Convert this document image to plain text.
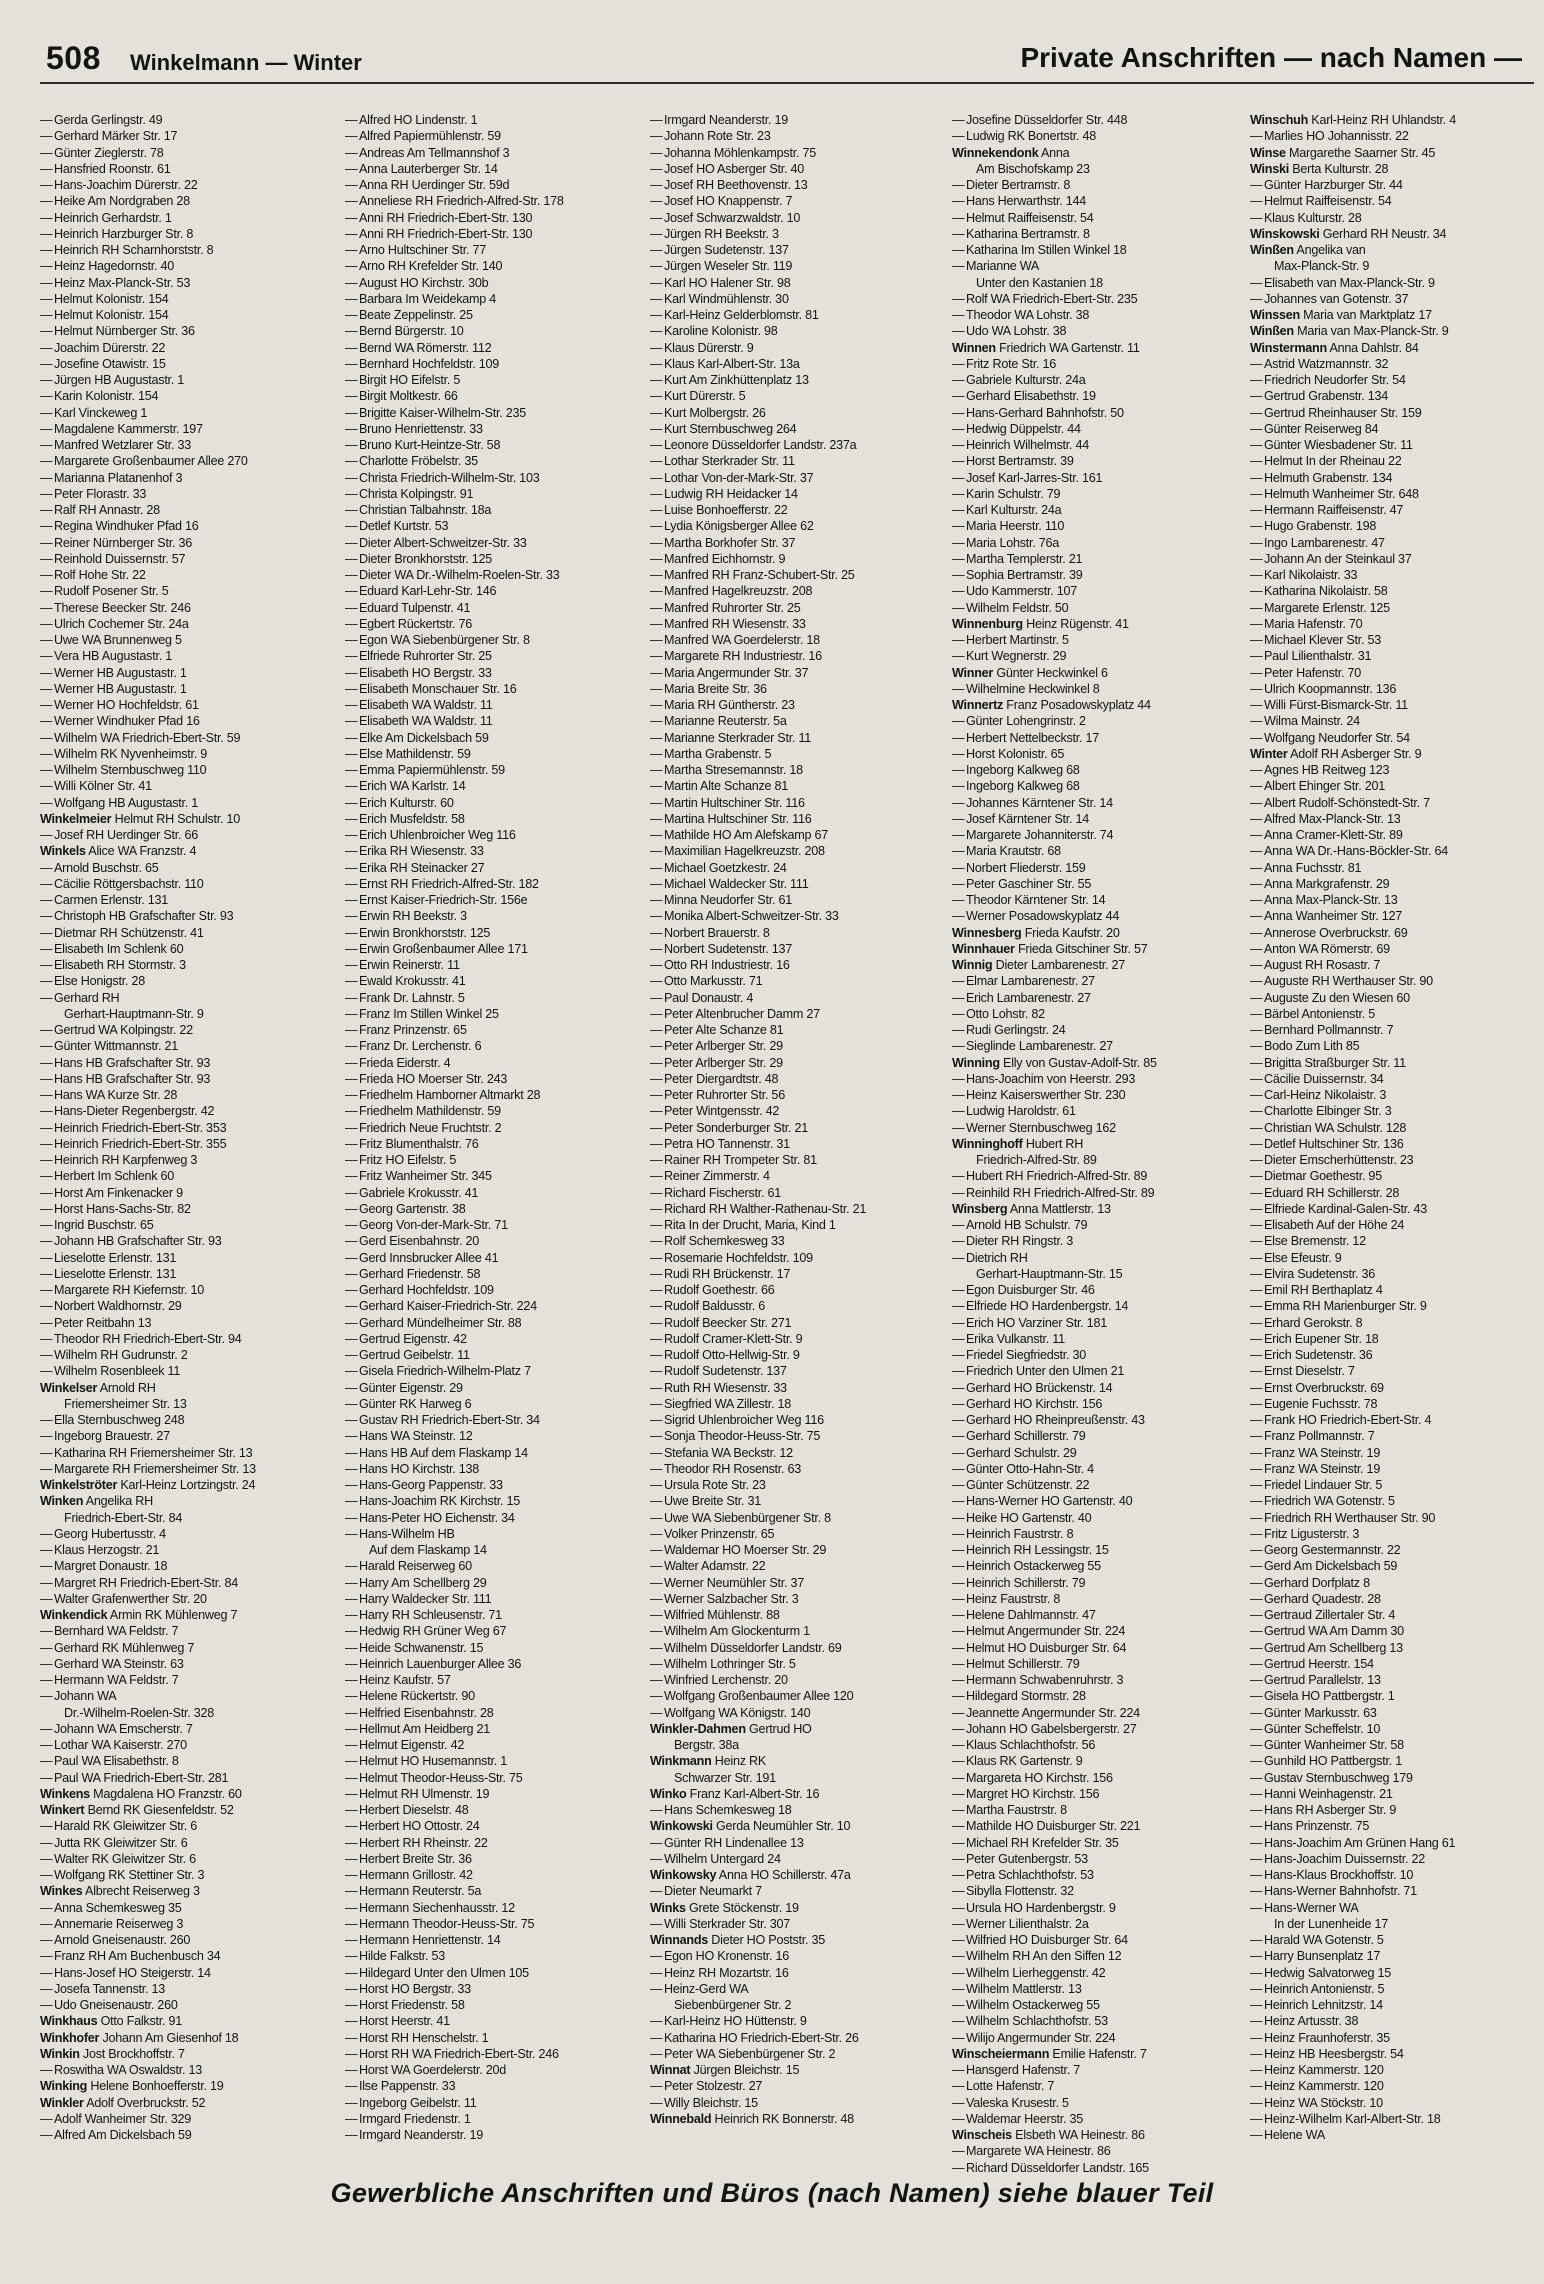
508 Winkelmann — Winter	Private Anschriften — nach Namen —
— Gerda Gerlingstr. 49
— Gerhard Märker Str. 17
— Günter Zieglerstr. 78
— Hansfried Roonstr. 61
— Hans-Joachim Dürerstr. 22
— Heike Am Nordgraben 28
— Heinrich Gerhardstr. 1
— Heinrich Harzburger Str. 8
— Heinrich RH Scharnhorststr. 8
— Heinz Hagedornstr. 40
— Heinz Max-Planck-Str. 53
— Helmut Kolonistr. 154
— Helmut Kolonistr. 154
— Helmut Nürnberger Str. 36
— Joachim Dürerstr. 22
— Josefine Otawistr. 15
— Jürgen HB Augustastr. 1
— Karin Kolonistr. 154
— Karl Vinckeweg 1
— Magdalene Kammerstr. 197
— Manfred Wetzlarer Str. 33
— Margarete Großenbaumer Allee 270
— Marianna Platanenhof 3
— Peter Florastr. 33
— Ralf RH Annastr. 28
— Regina Windhuker Pfad 16
— Reiner Nürnberger Str. 36
— Reinhold Duissernstr. 57
— Rolf Hohe Str. 22
— Rudolf Posener Str. 5
— Therese Beecker Str. 246
— Ulrich Cochemer Str. 24a
— Uwe WA Brunnenweg 5
— Vera HB Augustastr. 1
— Werner HB Augustastr. 1
— Werner HB Augustastr. 1
— Werner HO Hochfeldstr. 61
— Werner Windhuker Pfad 16
— Wilhelm WA Friedrich-Ebert-Str. 59
— Wilhelm RK Nyvenheimstr. 9
— Wilhelm Sternbuschweg 110
— Willi Kölner Str. 41
— Wolfgang HB Augustastr. 1
Winkelmeier Helmut RH Schulstr. 10
— Josef RH Uerdinger Str. 66
Winkels Alice WA Franzstr. 4
— Arnold Buschstr. 65
— Cäcilie Röttgersbachstr. 110
— Carmen Erlenstr. 131
— Christoph HB Grafschafter Str. 93
— Dietmar RH Schützenstr. 41
— Elisabeth Im Schlenk 60
— Elisabeth RH Stormstr. 3
— Else Honigstr. 28
— Gerhard RH
Gerhart-Hauptmann-Str. 9
— Gertrud WA Kolpingstr. 22
— Günter Wittmannstr. 21
— Hans HB Grafschafter Str. 93
— Hans HB Grafschafter Str. 93
— Hans WA Kurze Str. 28
— Hans-Dieter Regenbergstr. 42
— Heinrich Friedrich-Ebert-Str. 353
— Heinrich Friedrich-Ebert-Str. 355
— Heinrich RH Karpfenweg 3
— Herbert Im Schlenk 60
— Horst Am Finkenacker 9
— Horst Hans-Sachs-Str. 82
— Ingrid Buschstr. 65
— Johann HB Grafschafter Str. 93
— Lieselotte Erlenstr. 131
— Lieselotte Erlenstr. 131
— Margarete RH Kiefernstr. 10
— Norbert Waldhornstr. 29
— Peter Reitbahn 13
— Theodor RH Friedrich-Ebert-Str. 94
— Wilhelm RH Gudrunstr. 2
— Wilhelm Rosenbleek 11
Winkelser Arnold RH
Friemersheimer Str. 13
— Ella Sternbuschweg 248
— Ingeborg Brauestr. 27
— Katharina RH Friemersheimer Str. 13
— Margarete RH Friemersheimer Str. 13
Winkelströter Karl-Heinz Lortzingstr. 24
Winken Angelika RH
Friedrich-Ebert-Str. 84
— Georg Hubertusstr. 4
— Klaus Herzogstr. 21
— Margret Donaustr. 18
— Margret RH Friedrich-Ebert-Str. 84
— Walter Grafenwerther Str. 20
Winkendick Armin RK Mühlenweg 7
— Bernhard WA Feldstr. 7
— Gerhard RK Mühlenweg 7
— Gerhard WA Steinstr. 63
— Hermann WA Feldstr. 7
— Johann WA
Dr.-Wilhelm-Roelen-Str. 328
— Johann WA Emscherstr. 7
— Lothar WA Kaiserstr. 270
— Paul WA Elisabethstr. 8
— Paul WA Friedrich-Ebert-Str. 281
Winkens Magdalena HO Franzstr. 60
Winkert Bernd RK Giesenfeldstr. 52
— Harald RK Gleiwitzer Str. 6
— Jutta RK Gleiwitzer Str. 6
— Walter RK Gleiwitzer Str. 6
— Wolfgang RK Stettiner Str. 3
Winkes Albrecht Reiserweg 3
— Anna Schemkesweg 35
— Annemarie Reiserweg 3
— Arnold Gneisenaustr. 260
— Franz RH Am Buchenbusch 34
— Hans-Josef HO Steigerstr. 14
— Josefa Tannenstr. 13
— Udo Gneisenaustr. 260
Winkhaus Otto Falkstr. 91
Winkhofer Johann Am Giesenhof 18
Winkin Jost Brockhoffstr. 7
— Roswitha WA Oswaldstr. 13
Winking Helene Bonhoefferstr. 19
Winkler Adolf Overbruckstr. 52
— Adolf Wanheimer Str. 329
— Alfred Am Dickelsbach 59
— Alfred HO Lindenstr. 1
— Alfred Papiermühlenstr. 59
— Andreas Am Tellmannshof 3
— Anna Lauterberger Str. 14
— Anna RH Uerdinger Str. 59d
— Anneliese RH Friedrich-Alfred-Str. 178
— Anni RH Friedrich-Ebert-Str. 130
— Anni RH Friedrich-Ebert-Str. 130
— Arno Hultschiner Str. 77
— Arno RH Krefelder Str. 140
— August HO Kirchstr. 30b
— Barbara Im Weidekamp 4
— Beate Zeppelinstr. 25
— Bernd Bürgerstr. 10
— Bernd WA Römerstr. 112
— Bernhard Hochfeldstr. 109
— Birgit HO Eifelstr. 5
— Birgit Moltkestr. 66
— Brigitte Kaiser-Wilhelm-Str. 235
— Bruno Henriettenstr. 33
— Bruno Kurt-Heintze-Str. 58
— Charlotte Fröbelstr. 35
— Christa Friedrich-Wilhelm-Str. 103
— Christa Kolpingstr. 91
— Christian Talbahnstr. 18a
— Detlef Kurtstr. 53
— Dieter Albert-Schweitzer-Str. 33
— Dieter Bronkhorststr. 125
— Dieter WA Dr.-Wilhelm-Roelen-Str. 33
— Eduard Karl-Lehr-Str. 146
— Eduard Tulpenstr. 41
— Egbert Rückertstr. 76
— Egon WA Siebenbürgener Str. 8
— Elfriede Ruhrorter Str. 25
— Elisabeth HO Bergstr. 33
— Elisabeth Monschauer Str. 16
— Elisabeth WA Waldstr. 11
— Elisabeth WA Waldstr. 11
— Elke Am Dickelsbach 59
— Else Mathildenstr. 59
— Emma Papiermühlenstr. 59
— Erich WA Karlstr. 14
— Erich Kulturstr. 60
— Erich Musfeldstr. 58
— Erich Uhlenbroicher Weg 116
— Erika RH Wiesenstr. 33
— Erika RH Steinacker 27
— Ernst RH Friedrich-Alfred-Str. 182
— Ernst Kaiser-Friedrich-Str. 156e
— Erwin RH Beekstr. 3
— Erwin Bronkhorststr. 125
— Erwin Großenbaumer Allee 171
— Erwin Reinerstr. 11
— Ewald Krokusstr. 41
— Frank Dr. Lahnstr. 5
— Franz Im Stillen Winkel 25
— Franz Prinzenstr. 65
— Franz Dr. Lerchenstr. 6
— Frieda Eiderstr. 4
— Frieda HO Moerser Str. 243
— Friedhelm Hamborner Altmarkt 28
— Friedhelm Mathildenstr. 59
— Friedrich Neue Fruchtstr. 2
— Fritz Blumenthalstr. 76
— Fritz HO Eifelstr. 5
— Fritz Wanheimer Str. 345
— Gabriele Krokusstr. 41
— Georg Gartenstr. 38
— Georg Von-der-Mark-Str. 71
— Gerd Eisenbahnstr. 20
— Gerd Innsbrucker Allee 41
— Gerhard Friedenstr. 58
— Gerhard Hochfeldstr. 109
— Gerhard Kaiser-Friedrich-Str. 224
— Gerhard Mündelheimer Str. 88
— Gertrud Eigenstr. 42
— Gertrud Geibelstr. 11
— Gisela Friedrich-Wilhelm-Platz 7
— Günter Eigenstr. 29
— Günter RK Harweg 6
— Gustav RH Friedrich-Ebert-Str. 34
— Hans WA Steinstr. 12
— Hans HB Auf dem Flaskamp 14
— Hans HO Kirchstr. 138
— Hans-Georg Pappenstr. 33
— Hans-Joachim RK Kirchstr. 15
— Hans-Peter HO Eichenstr. 34
— Hans-Wilhelm HB
Auf dem Flaskamp 14
— Harald Reiserweg 60
— Harry Am Schellberg 29
— Harry Waldecker Str. 111
— Harry RH Schleusenstr. 71
— Hedwig RH Grüner Weg 67
— Heide Schwanenstr. 15
— Heinrich Lauenburger Allee 36
— Heinz Kaufstr. 57
— Helene Rückertstr. 90
— Helfried Eisenbahnstr. 28
— Hellmut Am Heidberg 21
— Helmut Eigenstr. 42
— Helmut HO Husemannstr. 1
— Helmut Theodor-Heuss-Str. 75
— Helmut RH Ulmenstr. 19
— Herbert Dieselstr. 48
— Herbert HO Ottostr. 24
— Herbert RH Rheinstr. 22
— Herbert Breite Str. 36
— Hermann Grillostr. 42
— Hermann Reuterstr. 5a
— Hermann Siechenhausstr. 12
— Hermann Theodor-Heuss-Str. 75
— Hermann Henriettenstr. 14
— Hilde Falkstr. 53
— Hildegard Unter den Ulmen 105
— Horst HO Bergstr. 33
— Horst Friedenstr. 58
— Horst Heerstr. 41
— Horst RH Henschelstr. 1
— Horst RH WA Friedrich-Ebert-Str. 246
— Horst WA Goerdelerstr. 20d
— Ilse Pappenstr. 33
— Ingeborg Geibelstr. 11
— Irmgard Friedenstr. 1
— Irmgard Neanderstr. 19
— Irmgard Neanderstr. 19
— Johann Rote Str. 23
— Johanna Möhlenkampstr. 75
— Josef HO Asberger Str. 40
— Josef RH Beethovenstr. 13
— Josef HO Knappenstr. 7
— Josef Schwarzwaldstr. 10
— Jürgen RH Beekstr. 3
— Jürgen Sudetenstr. 137
— Jürgen Weseler Str. 119
— Karl HO Halener Str. 98
— Karl Windmühlenstr. 30
— Karl-Heinz Gelderblomstr. 81
— Karoline Kolonistr. 98
— Klaus Dürerstr. 9
— Klaus Karl-Albert-Str. 13a
— Kurt Am Zinkhüttenplatz 13
— Kurt Dürerstr. 5
— Kurt Molbergstr. 26
— Kurt Sternbuschweg 264
— Leonore Düsseldorfer Landstr. 237a
— Lothar Sterkrader Str. 11
— Lothar Von-der-Mark-Str. 37
— Ludwig RH Heidacker 14
— Luise Bonhoefferstr. 22
— Lydia Königsberger Allee 62
— Martha Borkhofer Str. 37
— Manfred Eichhornstr. 9
— Manfred RH Franz-Schubert-Str. 25
— Manfred Hagelkreuzstr. 208
— Manfred Ruhrorter Str. 25
— Manfred RH Wiesenstr. 33
— Manfred WA Goerdelerstr. 18
— Margarete RH Industriestr. 16
— Maria Angermunder Str. 37
— Maria Breite Str. 36
— Maria RH Güntherstr. 23
— Marianne Reuterstr. 5a
— Marianne Sterkrader Str. 11
— Martha Grabenstr. 5
— Martha Stresemannstr. 18
— Martin Alte Schanze 81
— Martin Hultschiner Str. 116
— Martina Hultschiner Str. 116
— Mathilde HO Am Alefskamp 67
— Maximilian Hagelkreuzstr. 208
— Michael Goetzkestr. 24
— Michael Waldecker Str. 111
— Minna Neudorfer Str. 61
— Monika Albert-Schweitzer-Str. 33
— Norbert Brauerstr. 8
— Norbert Sudetenstr. 137
— Otto RH Industriestr. 16
— Otto Markusstr. 71
— Paul Donaustr. 4
— Peter Altenbrucher Damm 27
— Peter Alte Schanze 81
— Peter Arlberger Str. 29
— Peter Arlberger Str. 29
— Peter Diergardtstr. 48
— Peter Ruhrorter Str. 56
— Peter Wintgensstr. 42
— Peter Sonderburger Str. 21
— Petra HO Tannenstr. 31
— Rainer RH Trompeter Str. 81
— Reiner Zimmerstr. 4
— Richard Fischerstr. 61
— Richard RH Walther-Rathenau-Str. 21
— Rita In der Drucht, Maria, Kind 1
— Rolf Schemkesweg 33
— Rosemarie Hochfeldstr. 109
— Rudi RH Brückenstr. 17
— Rudolf Goethestr. 66
— Rudolf Baldusstr. 6
— Rudolf Beecker Str. 271
— Rudolf Cramer-Klett-Str. 9
— Rudolf Otto-Hellwig-Str. 9
— Rudolf Sudetenstr. 137
— Ruth RH Wiesenstr. 33
— Siegfried WA Zillestr. 18
— Sigrid Uhlenbroicher Weg 116
— Sonja Theodor-Heuss-Str. 75
— Stefania WA Beckstr. 12
— Theodor RH Rosenstr. 63
— Ursula Rote Str. 23
— Uwe Breite Str. 31
— Uwe WA Siebenbürgener Str. 8
— Volker Prinzenstr. 65
— Waldemar HO Moerser Str. 29
— Walter Adamstr. 22
— Werner Neumühler Str. 37
— Werner Salzbacher Str. 3
— Wilfried Mühlenstr. 88
— Wilhelm Am Glockenturm 1
— Wilhelm Düsseldorfer Landstr. 69
— Wilhelm Lothringer Str. 5
— Winfried Lerchenstr. 20
— Wolfgang Großenbaumer Allee 120
— Wolfgang WA Königstr. 140
Winkler-Dahmen Gertrud HO
Bergstr. 38a
Winkmann Heinz RK
Schwarzer Str. 191
Winko Franz Karl-Albert-Str. 16
— Hans Schemkesweg 18
Winkowski Gerda Neumühler Str. 10
— Günter RH Lindenallee 13
— Wilhelm Untergard 24
Winkowsky Anna HO Schillerstr. 47a
— Dieter Neumarkt 7
Winks Grete Stöckenstr. 19
— Willi Sterkrader Str. 307
Winnands Dieter HO Poststr. 35
— Egon HO Kronenstr. 16
— Heinz RH Mozartstr. 16
— Heinz-Gerd WA
Siebenbürgener Str. 2
— Karl-Heinz HO Hüttenstr. 9
— Katharina HO Friedrich-Ebert-Str. 26
— Peter WA Siebenbürgener Str. 2
Winnat Jürgen Bleichstr. 15
— Peter Stolzestr. 27
— Willy Bleichstr. 15
Winnebald Heinrich RK Bonnerstr. 48
— Josefine Düsseldorfer Str. 448
— Ludwig RK Bonertstr. 48
Winnekendonk Anna
Am Bischofskamp 23
— Dieter Bertramstr. 8
— Hans Herwarthstr. 144
— Helmut Raiffeisenstr. 54
— Katharina Bertramstr. 8
— Katharina Im Stillen Winkel 18
— Marianne WA
Unter den Kastanien 18
— Rolf WA Friedrich-Ebert-Str. 235
— Theodor WA Lohstr. 38
— Udo WA Lohstr. 38
Winnen Friedrich WA Gartenstr. 11
— Fritz Rote Str. 16
— Gabriele Kulturstr. 24a
— Gerhard Elisabethstr. 19
— Hans-Gerhard Bahnhofstr. 50
— Hedwig Düppelstr. 44
— Heinrich Wilhelmstr. 44
— Horst Bertramstr. 39
— Josef Karl-Jarres-Str. 161
— Karin Schulstr. 79
— Karl Kulturstr. 24a
— Maria Heerstr. 110
— Maria Lohstr. 76a
— Martha Templerstr. 21
— Sophia Bertramstr. 39
— Udo Kammerstr. 107
— Wilhelm Feldstr. 50
Winnenburg Heinz Rügenstr. 41
— Herbert Martinstr. 5
— Kurt Wegnerstr. 29
Winner Günter Heckwinkel 6
— Wilhelmine Heckwinkel 8
Winnertz Franz Posadowskyplatz 44
— Günter Lohengrinstr. 2
— Herbert Nettelbeckstr. 17
— Horst Kolonistr. 65
— Ingeborg Kalkweg 68
— Ingeborg Kalkweg 68
— Johannes Kärntener Str. 14
— Josef Kärntener Str. 14
— Margarete Johanniterstr. 74
— Maria Krautstr. 68
— Norbert Fliederstr. 159
— Peter Gaschiner Str. 55
— Theodor Kärntener Str. 14
— Werner Posadowskyplatz 44
Winnesberg Frieda Kaufstr. 20
Winnhauer Frieda Gitschiner Str. 57
Winnig Dieter Lambarenestr. 27
— Elmar Lambarenestr. 27
— Erich Lambarenestr. 27
— Otto Lohstr. 82
— Rudi Gerlingstr. 24
— Sieglinde Lambarenestr. 27
Winning Elly von Gustav-Adolf-Str. 85
— Hans-Joachim von Heerstr. 293
— Heinz Kaiserswerther Str. 230
— Ludwig Haroldstr. 61
— Werner Sternbuschweg 162
Winninghoff Hubert RH
Friedrich-Alfred-Str. 89
— Hubert RH Friedrich-Alfred-Str. 89
— Reinhild RH Friedrich-Alfred-Str. 89
Winsberg Anna Mattlerstr. 13
— Arnold HB Schulstr. 79
— Dieter RH Ringstr. 3
— Dietrich RH
Gerhart-Hauptmann-Str. 15
— Egon Duisburger Str. 46
— Elfriede HO Hardenbergstr. 14
— Erich HO Varziner Str. 181
— Erika Vulkanstr. 11
— Friedel Siegfriedstr. 30
— Friedrich Unter den Ulmen 21
— Gerhard HO Brückenstr. 14
— Gerhard HO Kirchstr. 156
— Gerhard HO Rheinpreußenstr. 43
— Gerhard Schillerstr. 79
— Gerhard Schulstr. 29
— Günter Otto-Hahn-Str. 4
— Günter Schützenstr. 22
— Hans-Werner HO Gartenstr. 40
— Heike HO Gartenstr. 40
— Heinrich Faustrstr. 8
— Heinrich RH Lessingstr. 15
— Heinrich Ostackerweg 55
— Heinrich Schillerstr. 79
— Heinz Faustrstr. 8
— Helene Dahlmannstr. 47
— Helmut Angermunder Str. 224
— Helmut HO Duisburger Str. 64
— Helmut Schillerstr. 79
— Hermann Schwabenruhrstr. 3
— Hildegard Stormstr. 28
— Jeannette Angermunder Str. 224
— Johann HO Gabelsbergerstr. 27
— Klaus Schlachthofstr. 56
— Klaus RK Gartenstr. 9
— Margareta HO Kirchstr. 156
— Margret HO Kirchstr. 156
— Martha Faustrstr. 8
— Mathilde HO Duisburger Str. 221
— Michael RH Krefelder Str. 35
— Peter Gutenbergstr. 53
— Petra Schlachthofstr. 53
— Sibylla Flottenstr. 32
— Ursula HO Hardenbergstr. 9
— Werner Lilienthalstr. 2a
— Wilfried HO Duisburger Str. 64
— Wilhelm RH An den Siffen 12
— Wilhelm Lierheggenstr. 42
— Wilhelm Mattlerstr. 13
— Wilhelm Ostackerweg 55
— Wilhelm Schlachthofstr. 53
— Wilijo Angermunder Str. 224
Winscheiermann Emilie Hafenstr. 7
— Hansgerd Hafenstr. 7
— Lotte Hafenstr. 7
— Valeska Krusestr. 5
— Waldemar Heerstr. 35
Winscheis Elsbeth WA Heinestr. 86
— Margarete WA Heinestr. 86
— Richard Düsseldorfer Landstr. 165
Winschuh Karl-Heinz RH Uhlandstr. 4
— Marlies HO Johannisstr. 22
Winse Margarethe Saarner Str. 45
Winski Berta Kulturstr. 28
— Günter Harzburger Str. 44
— Helmut Raiffeisenstr. 54
— Klaus Kulturstr. 28
Winskowski Gerhard RH Neustr. 34
Winßen Angelika van
Max-Planck-Str. 9
— Elisabeth van Max-Planck-Str. 9
— Johannes van Gotenstr. 37
Winssen Maria van Marktplatz 17
Winßen Maria van Max-Planck-Str. 9
Winstermann Anna Dahlstr. 84
— Astrid Watzmannstr. 32
— Friedrich Neudorfer Str. 54
— Gertrud Grabenstr. 134
— Gertrud Rheinhauser Str. 159
— Günter Reiserweg 84
— Günter Wiesbadener Str. 11
— Helmut In der Rheinau 22
— Helmuth Grabenstr. 134
— Helmuth Wanheimer Str. 648
— Hermann Raiffeisenstr. 47
— Hugo Grabenstr. 198
— Ingo Lambarenestr. 47
— Johann An der Steinkaul 37
— Karl Nikolaistr. 33
— Katharina Nikolaistr. 58
— Margarete Erlenstr. 125
— Maria Hafenstr. 70
— Michael Klever Str. 53
— Paul Lilienthalstr. 31
— Peter Hafenstr. 70
— Ulrich Koopmannstr. 136
— Willi Fürst-Bismarck-Str. 11
— Wilma Mainstr. 24
— Wolfgang Neudorfer Str. 54
Winter Adolf RH Asberger Str. 9
— Agnes HB Reitweg 123
— Albert Ehinger Str. 201
— Albert Rudolf-Schönstedt-Str. 7
— Alfred Max-Planck-Str. 13
— Anna Cramer-Klett-Str. 89
— Anna WA Dr.-Hans-Böckler-Str. 64
— Anna Fuchsstr. 81
— Anna Markgrafenstr. 29
— Anna Max-Planck-Str. 13
— Anna Wanheimer Str. 127
— Annerose Overbruckstr. 69
— Anton WA Römerstr. 69
— August RH Rosastr. 7
— Auguste RH Werthauser Str. 90
— Auguste Zu den Wiesen 60
— Bärbel Antonienstr. 5
— Bernhard Pollmannstr. 7
— Bodo Zum Lith 85
— Brigitta Straßburger Str. 11
— Cäcilie Duissernstr. 34
— Carl-Heinz Nikolaistr. 3
— Charlotte Elbinger Str. 3
— Christian WA Schulstr. 128
— Detlef Hultschiner Str. 136
— Dieter Emscherhüttenstr. 23
— Dietmar Goethestr. 95
— Eduard RH Schillerstr. 28
— Elfriede Kardinal-Galen-Str. 43
— Elisabeth Auf der Höhe 24
— Else Bremenstr. 12
— Else Efeustr. 9
— Elvira Sudetenstr. 36
— Emil RH Berthaplatz 4
— Emma RH Marienburger Str. 9
— Erhard Gerokstr. 8
— Erich Eupener Str. 18
— Erich Sudetenstr. 36
— Ernst Dieselstr. 7
— Ernst Overbruckstr. 69
— Eugenie Fuchsstr. 78
— Frank HO Friedrich-Ebert-Str. 4
— Franz Pollmannstr. 7
— Franz WA Steinstr. 19
— Franz WA Steinstr. 19
— Friedel Lindauer Str. 5
— Friedrich WA Gotenstr. 5
— Friedrich RH Werthauser Str. 90
— Fritz Ligusterstr. 3
— Georg Gestermannstr. 22
— Gerd Am Dickelsbach 59
— Gerhard Dorfplatz 8
— Gerhard Quadestr. 28
— Gertraud Zillertaler Str. 4
— Gertrud WA Am Damm 30
— Gertrud Am Schellberg 13
— Gertrud Heerstr. 154
— Gertrud Parallelstr. 13
— Gisela HO Pattbergstr. 1
— Günter Markusstr. 63
— Günter Scheffelstr. 10
— Günter Wanheimer Str. 58
— Gunhild HO Pattbergstr. 1
— Gustav Sternbuschweg 179
— Hanni Weinhagenstr. 21
— Hans RH Asberger Str. 9
— Hans Prinzenstr. 75
— Hans-Joachim Am Grünen Hang 61
— Hans-Joachim Duissernstr. 22
— Hans-Klaus Brockhoffstr. 10
— Hans-Werner Bahnhofstr. 71
— Hans-Werner WA
In der Lunenheide 17
— Harald WA Gotenstr. 5
— Harry Bunsenplatz 17
— Hedwig Salvatorweg 15
— Heinrich Antonienstr. 5
— Heinrich Lehnitzstr. 14
— Heinz Artusstr. 38
— Heinz Fraunhoferstr. 35
— Heinz HB Heesbergstr. 54
— Heinz Kammerstr. 120
— Heinz Kammerstr. 120
— Heinz WA Stöckstr. 10
— Heinz-Wilhelm Karl-Albert-Str. 18
— Helene WA
Gewerbliche Anschriften und Büros (nach Namen) siehe blauer Teil
